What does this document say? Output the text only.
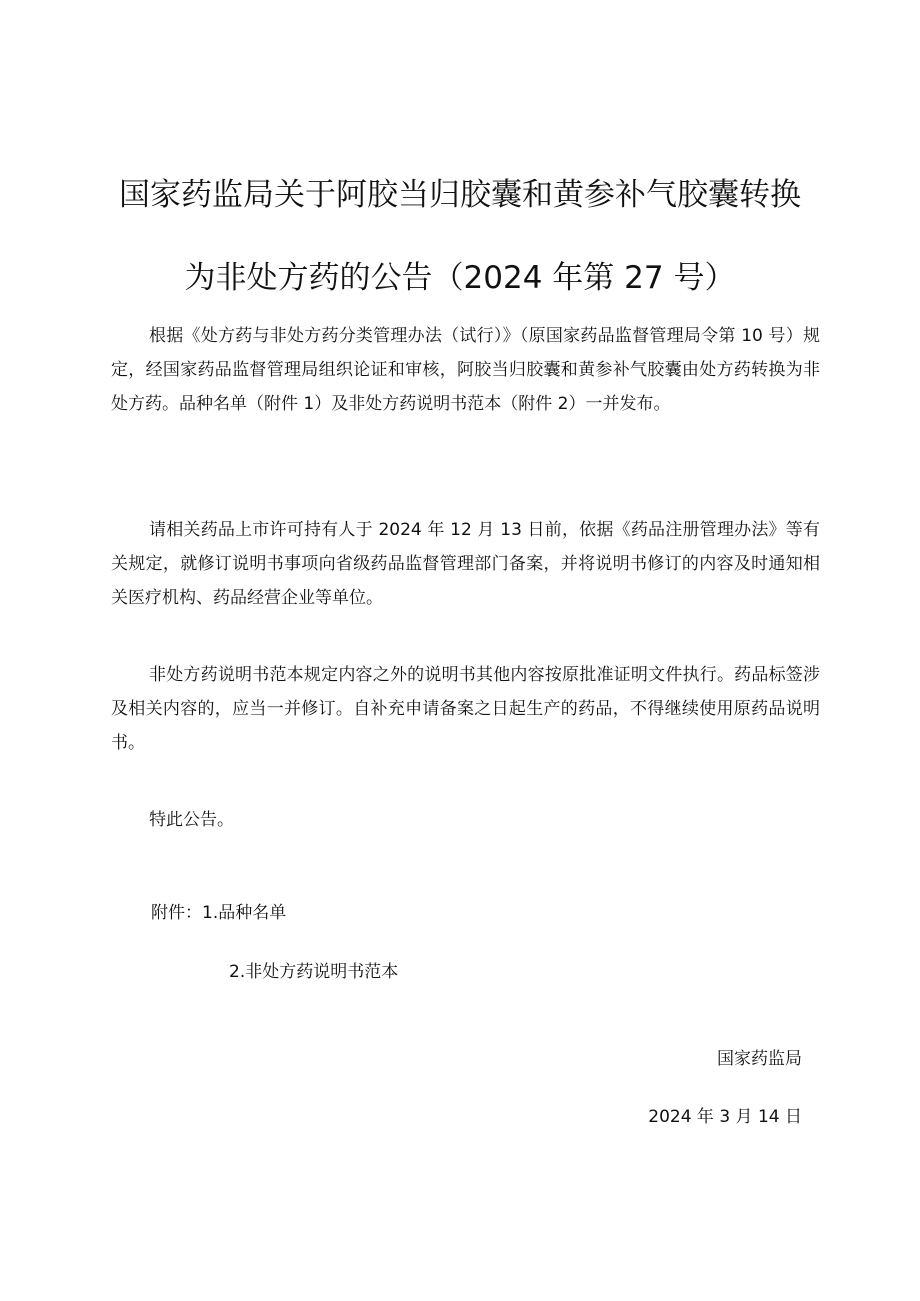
国家药监局关于阿胶当归胶囊和黄参补气胶囊转换
为非处方药的公告（2024 年第 27 号）
根据《处方药与非处方药分类管理办法（试行）》（原国家药品监督管理局令第 10 号）规定，经国家药品监督管理局组织论证和审核，阿胶当归胶囊和黄参补气胶囊由处方药转换为非处方药。品种名单（附件 1）及非处方药说明书范本（附件 2）一并发布。
请相关药品上市许可持有人于 2024 年 12 月 13 日前，依据《药品注册管理办法》等有关规定，就修订说明书事项向省级药品监督管理部门备案，并将说明书修订的内容及时通知相关医疗机构、药品经营企业等单位。
非处方药说明书范本规定内容之外的说明书其他内容按原批准证明文件执行。药品标签涉及相关内容的，应当一并修订。自补充申请备案之日起生产的药品，不得继续使用原药品说明书。
特此公告。
附件：1.品种名单
2.非处方药说明书范本
国家药监局
2024 年 3 月 14 日
